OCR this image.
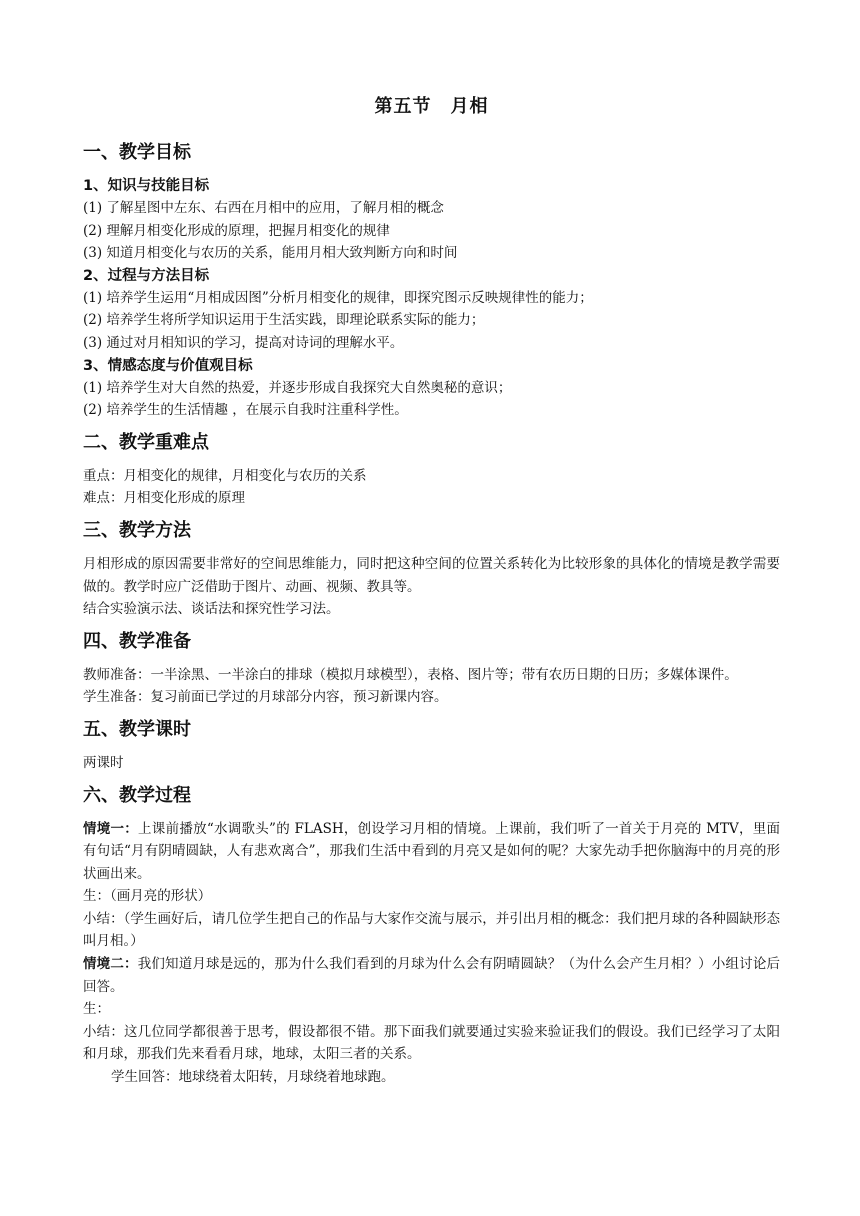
第五节　月相
一、教学目标
1、知识与技能目标
(1) 了解星图中左东、右西在月相中的应用，了解月相的概念
(2) 理解月相变化形成的原理，把握月相变化的规律
(3) 知道月相变化与农历的关系，能用月相大致判断方向和时间
2、过程与方法目标
(1) 培养学生运用“月相成因图”分析月相变化的规律，即探究图示反映规律性的能力；
(2) 培养学生将所学知识运用于生活实践，即理论联系实际的能力；
(3) 通过对月相知识的学习，提高对诗词的理解水平。
3、情感态度与价值观目标
(1) 培养学生对大自然的热爱，并逐步形成自我探究大自然奥秘的意识；
(2) 培养学生的生活情趣 ，在展示自我时注重科学性。
二、教学重难点
重点：月相变化的规律，月相变化与农历的关系
难点：月相变化形成的原理
三、教学方法
月相形成的原因需要非常好的空间思维能力，同时把这种空间的位置关系转化为比较形象的具体化的情境是教学需要做的。教学时应广泛借助于图片、动画、视频、教具等。
结合实验演示法、谈话法和探究性学习法。
四、教学准备
教师准备：一半涂黑、一半涂白的排球（模拟月球模型），表格、图片等；带有农历日期的日历；多媒体课件。
学生准备：复习前面已学过的月球部分内容，预习新课内容。
五、教学课时
两课时
六、教学过程
情境一：上课前播放“水调歌头”的 FLASH，创设学习月相的情境。上课前，我们听了一首关于月亮的 MTV，里面有句话“月有阴晴圆缺，人有悲欢离合”，那我们生活中看到的月亮又是如何的呢？大家先动手把你脑海中的月亮的形状画出来。
生：（画月亮的形状）
小结：（学生画好后，请几位学生把自己的作品与大家作交流与展示，并引出月相的概念：我们把月球的各种圆缺形态叫月相。）
情境二：我们知道月球是远的，那为什么我们看到的月球为什么会有阴晴圆缺？（为什么会产生月相？）小组讨论后回答。
生：
小结：这几位同学都很善于思考，假设都很不错。那下面我们就要通过实验来验证我们的假设。我们已经学习了太阳和月球，那我们先来看看月球，地球，太阳三者的关系。
学生回答：地球绕着太阳转，月球绕着地球跑。
